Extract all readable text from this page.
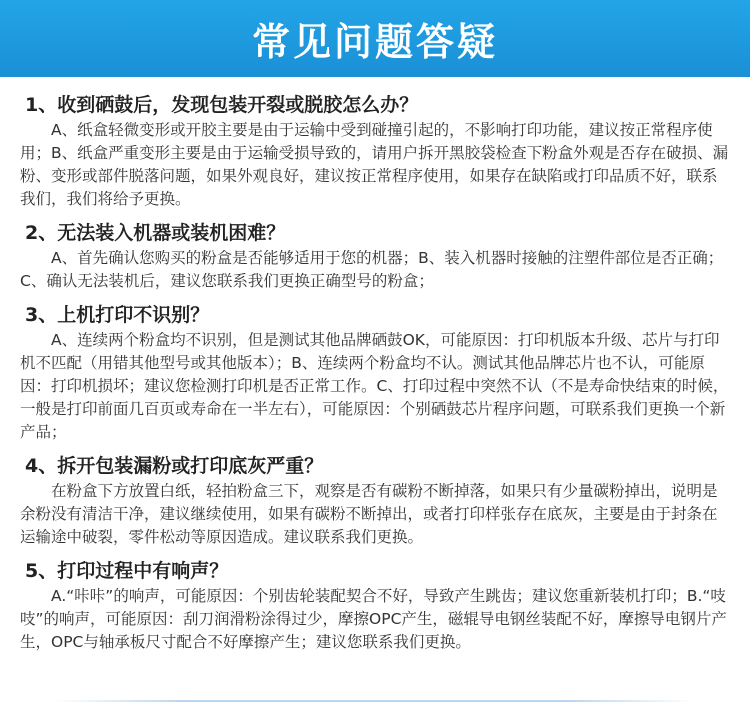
常见问题答疑
1、收到硒鼓后，发现包装开裂或脱胶怎么办？
A、纸盒轻微变形或开胶主要是由于运输中受到碰撞引起的，不影响打印功能，建议按正常程序使用；B、纸盒严重变形主要是由于运输受损导致的，请用户拆开黑胶袋检查下粉盒外观是否存在破损、漏粉、变形或部件脱落问题，如果外观良好，建议按正常程序使用，如果存在缺陷或打印品质不好，联系我们，我们将给予更换。
2、无法装入机器或装机困难？
A、首先确认您购买的粉盒是否能够适用于您的机器；B、装入机器时接触的注塑件部位是否正确；C、确认无法装机后，建议您联系我们更换正确型号的粉盒；
3、上机打印不识别？
A、连续两个粉盒均不识别，但是测试其他品牌硒鼓OK，可能原因：打印机版本升级、芯片与打印机不匹配（用错其他型号或其他版本）；B、连续两个粉盒均不认。测试其他品牌芯片也不认，可能原因：打印机损坏；建议您检测打印机是否正常工作。C、打印过程中突然不认（不是寿命快结束的时候，一般是打印前面几百页或寿命在一半左右），可能原因：个别硒鼓芯片程序问题，可联系我们更换一个新产品；
4、拆开包装漏粉或打印底灰严重？
在粉盒下方放置白纸，轻拍粉盒三下，观察是否有碳粉不断掉落，如果只有少量碳粉掉出，说明是余粉没有清洁干净，建议继续使用，如果有碳粉不断掉出，或者打印样张存在底灰，主要是由于封条在运输途中破裂，零件松动等原因造成。建议联系我们更换。
5、打印过程中有响声？
A.“咔咔”的响声，可能原因：个别齿轮装配契合不好，导致产生跳齿；建议您重新装机打印；B.“吱吱”的响声，可能原因：刮刀润滑粉涂得过少，摩擦OPC产生，磁辊导电钢丝装配不好，摩擦导电钢片产生，OPC与轴承板尺寸配合不好摩擦产生；建议您联系我们更换。
